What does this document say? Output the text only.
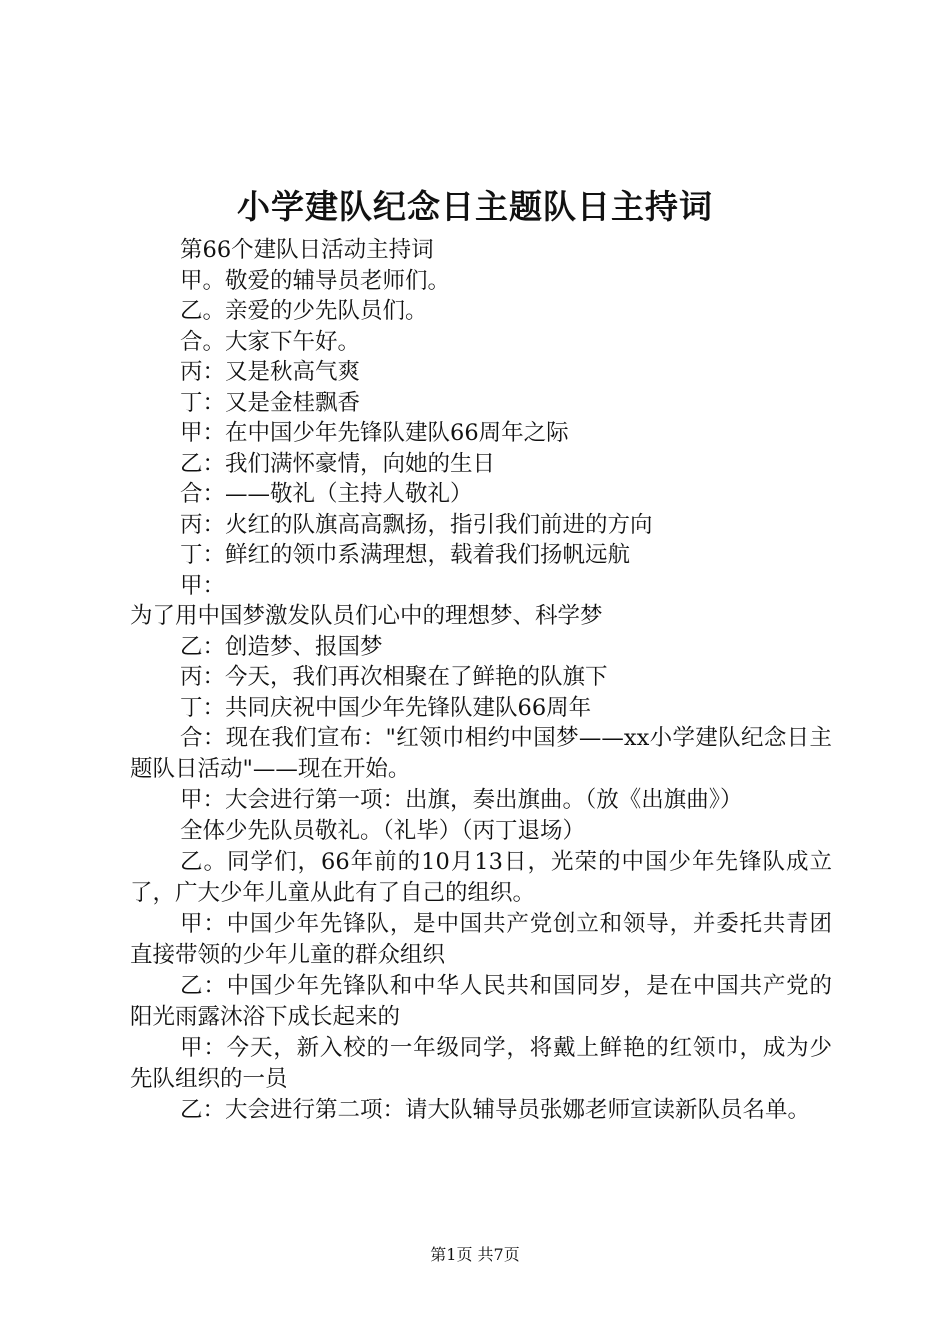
小学建队纪念日主题队日主持词
第66个建队日活动主持词
甲。敬爱的辅导员老师们。
乙。亲爱的少先队员们。
合。大家下午好。
丙：又是秋高气爽
丁：又是金桂飘香
甲：在中国少年先锋队建队66周年之际
乙：我们满怀豪情，向她的生日
合：——敬礼（主持人敬礼）
丙：火红的队旗高高飘扬，指引我们前进的方向
丁：鲜红的领巾系满理想，载着我们扬帆远航
甲：
为了用中国梦激发队员们心中的理想梦、科学梦
乙：创造梦、报国梦
丙：今天，我们再次相聚在了鲜艳的队旗下
丁：共同庆祝中国少年先锋队建队66周年
合：现在我们宣布："红领巾相约中国梦——xx小学建队纪念日主题队日活动"——现在开始。
甲：大会进行第一项：出旗，奏出旗曲。（放《出旗曲》）
全体少先队员敬礼。（礼毕）（丙丁退场）
乙。同学们，66年前的10月13日，光荣的中国少年先锋队成立了，广大少年儿童从此有了自己的组织。
甲：中国少年先锋队，是中国共产党创立和领导，并委托共青团直接带领的少年儿童的群众组织
乙：中国少年先锋队和中华人民共和国同岁，是在中国共产党的阳光雨露沐浴下成长起来的
甲：今天，新入校的一年级同学，将戴上鲜艳的红领巾，成为少先队组织的一员
乙：大会进行第二项：请大队辅导员张娜老师宣读新队员名单。
第1页 共7页
